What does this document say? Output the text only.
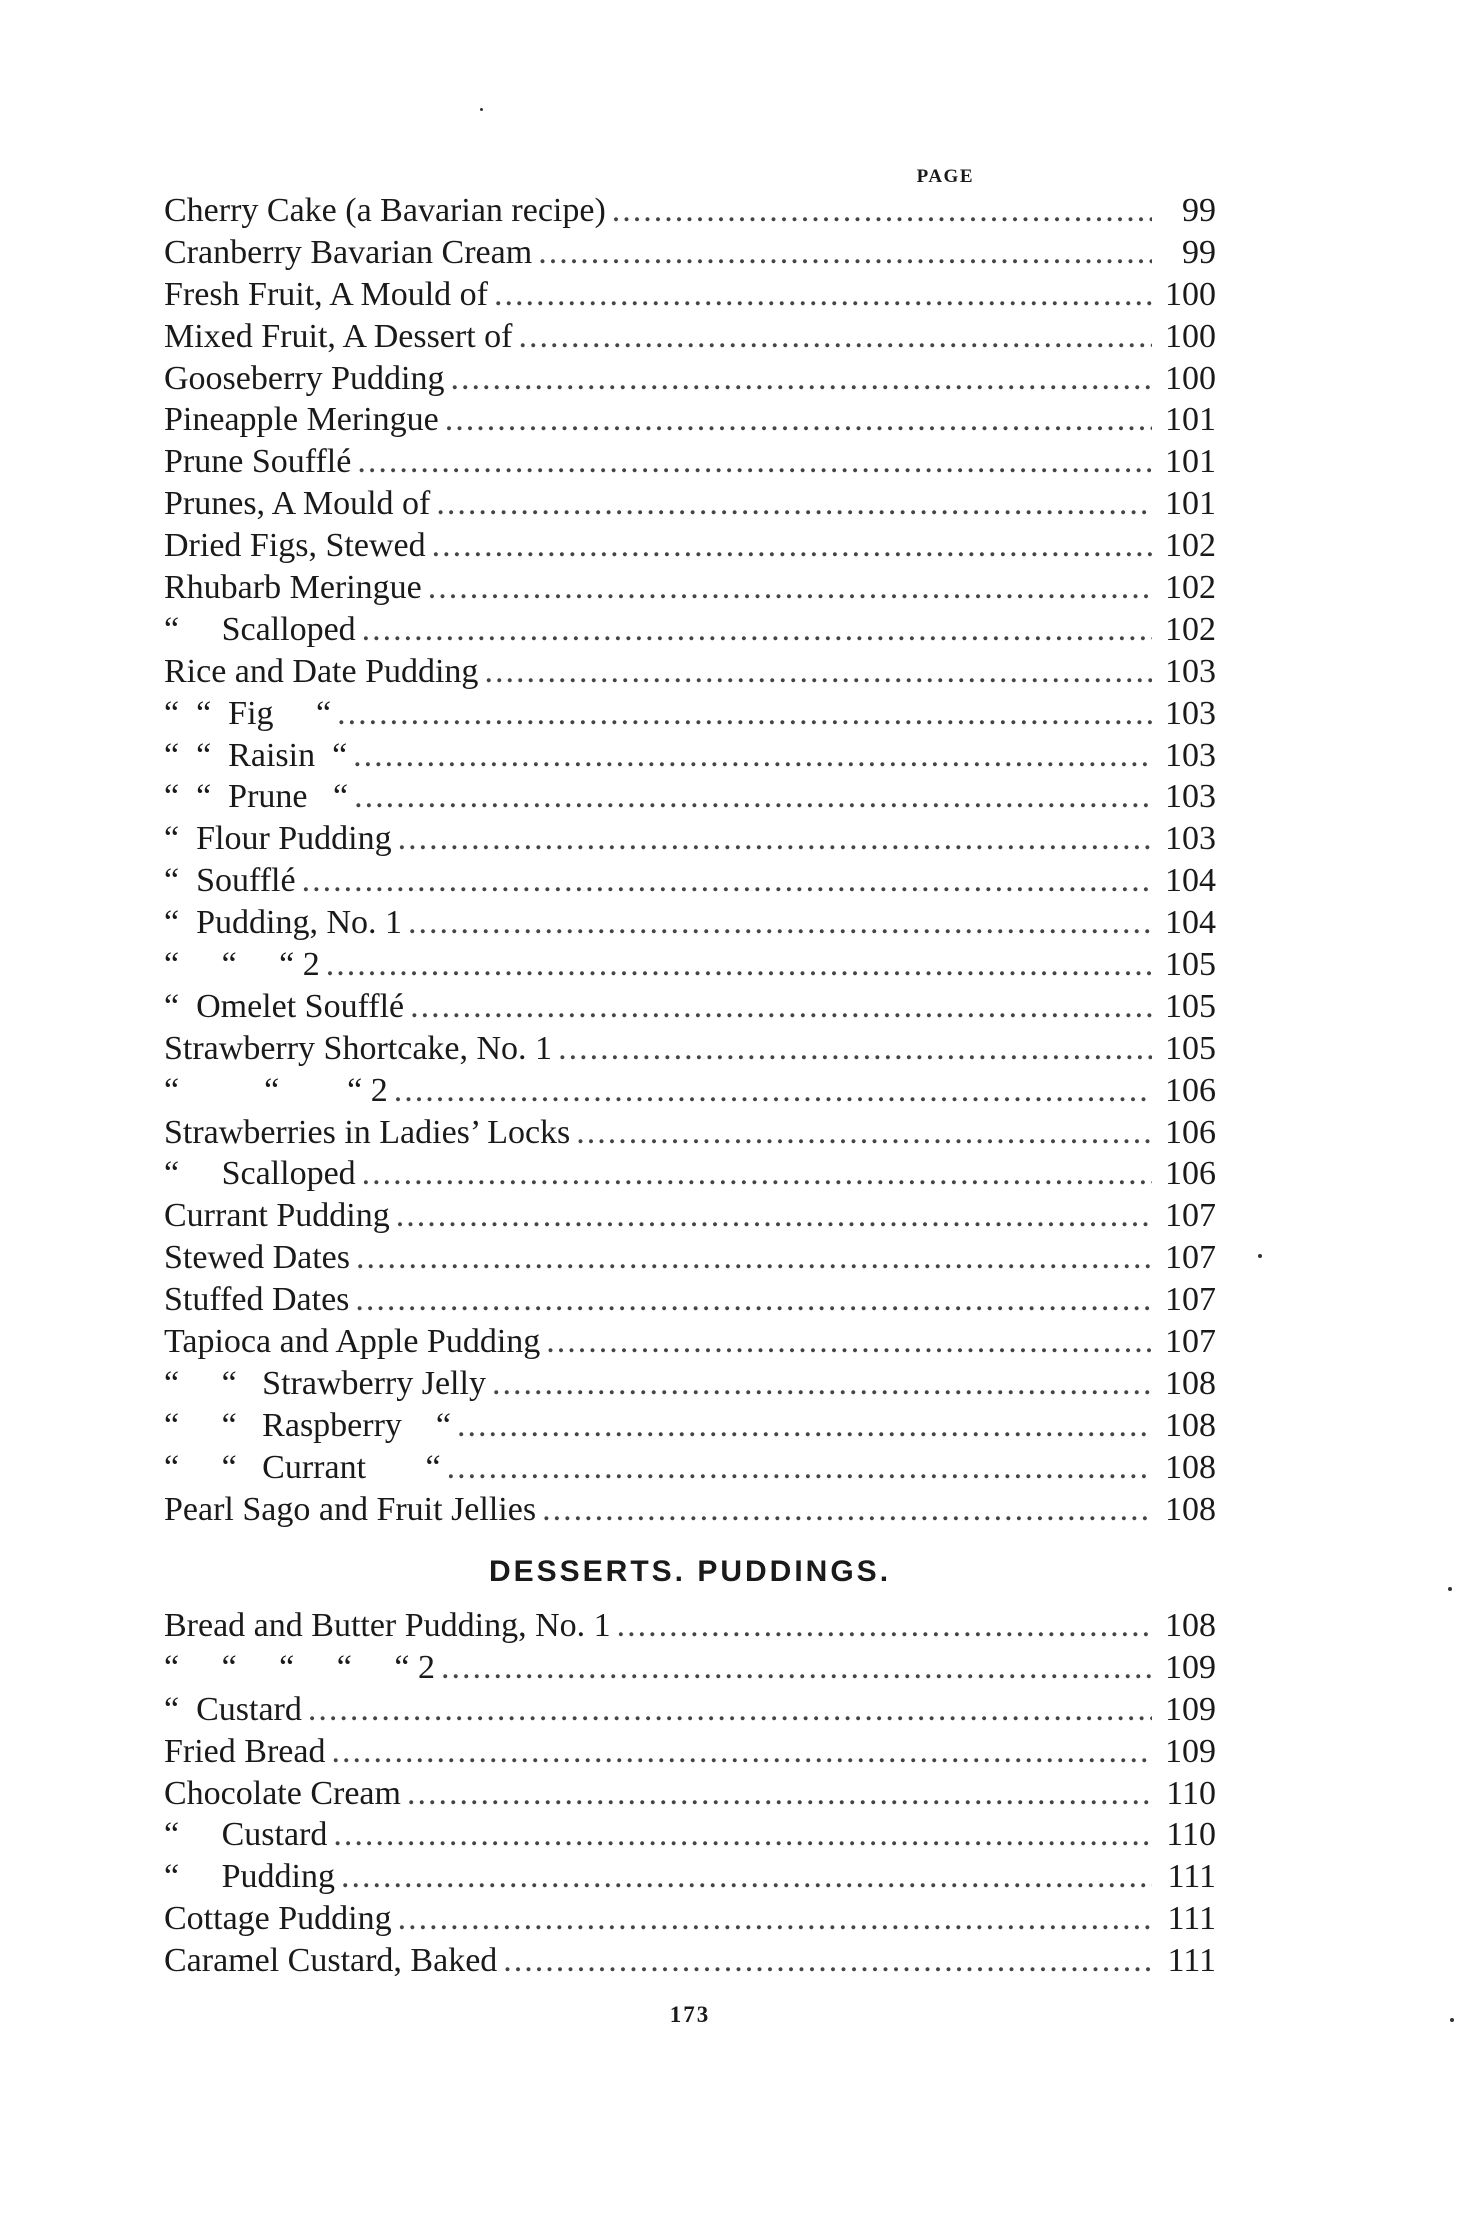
PAGE
Cherry Cake (a Bavarian recipe) .....	99
Cranberry Bavarian Cream .....	99
Fresh Fruit, A Mould of .....	100
Mixed Fruit, A Dessert of .....	100
Gooseberry Pudding .....	100
Pineapple Meringue .....	101
Prune Soufflé .....	101
Prunes, A Mould of .....	101
Dried Figs, Stewed .....	102
Rhubarb Meringue .....	102
“     Scalloped .....	102
Rice and Date Pudding .....	103
“  “  Fig     “ .....	103
“  “  Raisin  “ .....	103
“  “  Prune   “ .....	103
“  Flour Pudding .....	103
“  Soufflé .....	104
“  Pudding, No. 1 .....	104
“     “     “ 2 .....	105
“  Omelet Soufflé .....	105
Strawberry Shortcake, No. 1 .....	105
“          “        “ 2 .....	106
Strawberries in Ladies’ Locks .....	106
“     Scalloped .....	106
Currant Pudding .....	107
Stewed Dates .....	107
Stuffed Dates .....	107
Tapioca and Apple Pudding .....	107
“     “   Strawberry Jelly .....	108
“     “   Raspberry    “ .....	108
“     “   Currant       “ .....	108
Pearl Sago and Fruit Jellies .....	108
DESSERTS. PUDDINGS.
Bread and Butter Pudding, No. 1 .....	108
“     “     “     “     “ 2 .....	109
“  Custard .....	109
Fried Bread .....	109
Chocolate Cream .....	110
“     Custard .....	110
“     Pudding .....	111
Cottage Pudding .....	111
Caramel Custard, Baked .....	111
173
